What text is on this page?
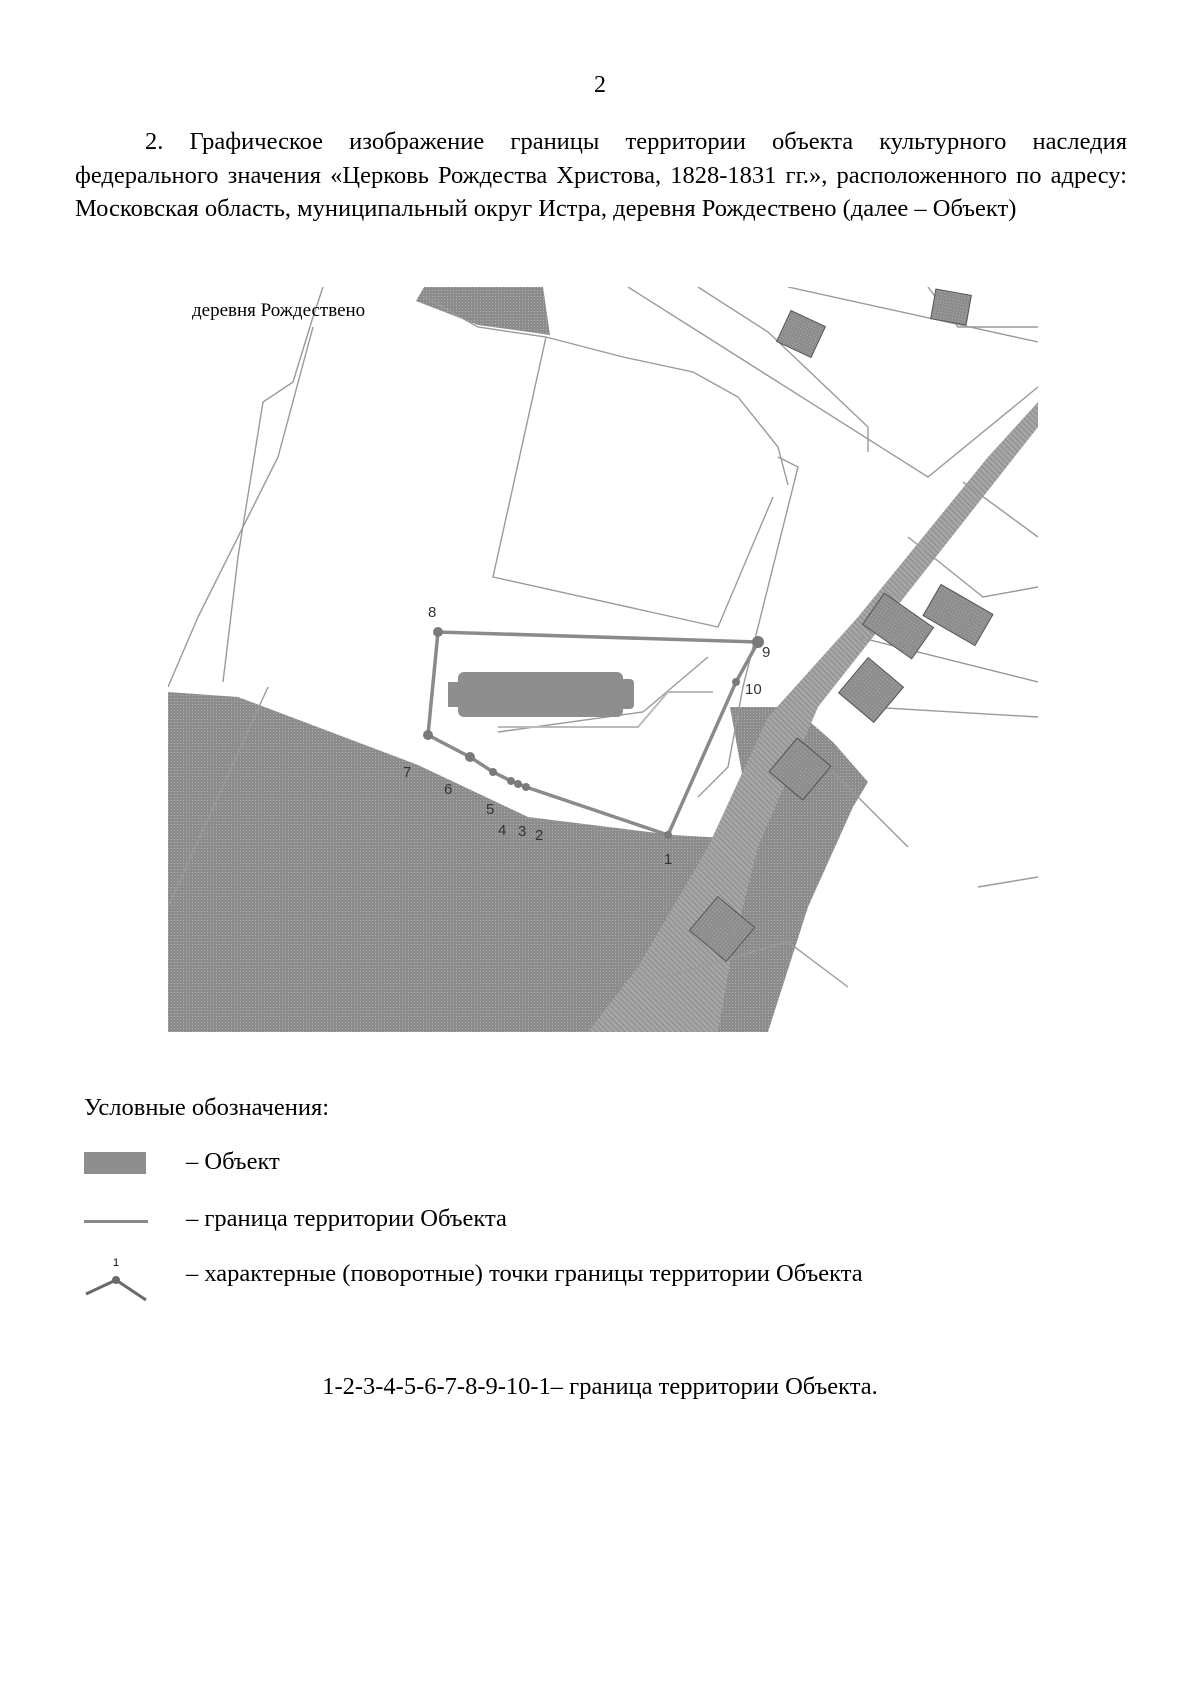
2

2. Графическое изображение границы территории объекта культурного наследия федерального значения «Церковь Рождества Христова, 1828-1831 гг.», расположенного по адресу: Московская область, муниципальный округ Истра, деревня Рождествено (далее – Объект)

1
2
3
4
5
6
7
8
9
10
деревня Рождествено
Условные обозначения:
– Объект
– граница территории Объекта
1	– характерные (поворотные) точки границы территории Объекта
1-2-3-4-5-6-7-8-9-10-1– граница территории Объекта.
